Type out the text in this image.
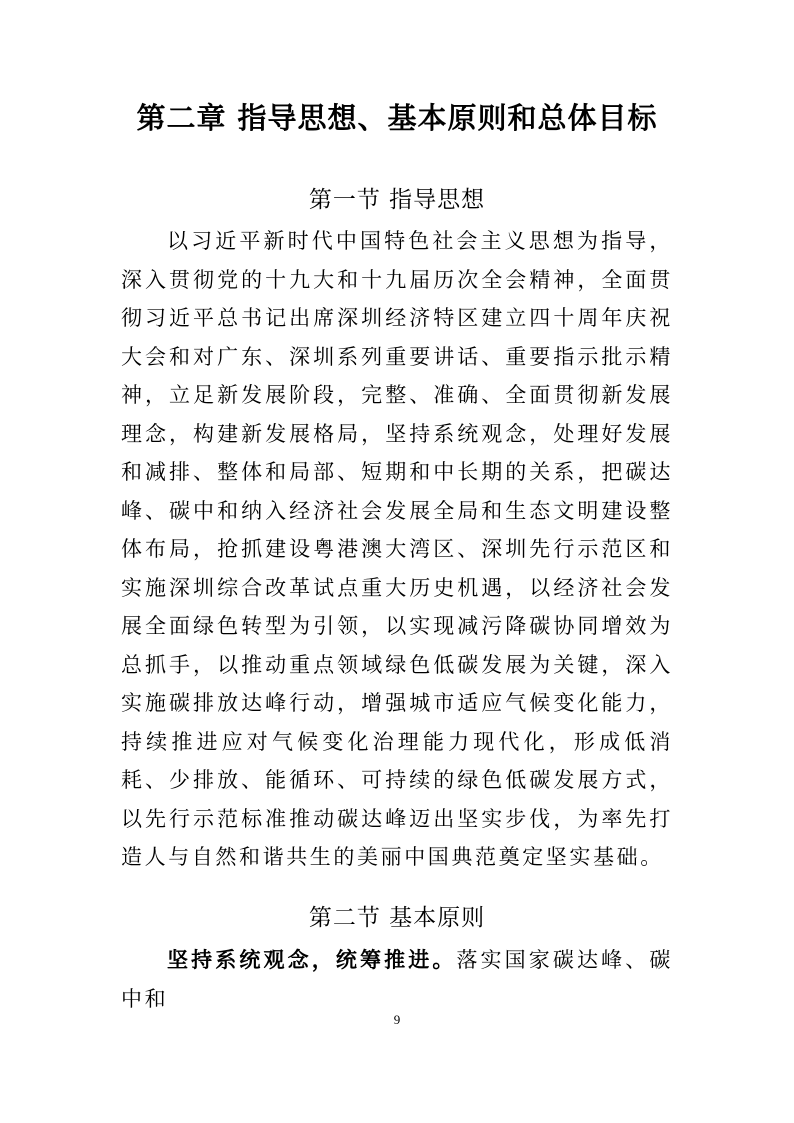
第二章 指导思想、基本原则和总体目标
第一节 指导思想
以习近平新时代中国特色社会主义思想为指导，深入贯彻党的十九大和十九届历次全会精神，全面贯彻习近平总书记出席深圳经济特区建立四十周年庆祝大会和对广东、深圳系列重要讲话、重要指示批示精神，立足新发展阶段，完整、准确、全面贯彻新发展理念，构建新发展格局，坚持系统观念，处理好发展和减排、整体和局部、短期和中长期的关系，把碳达峰、碳中和纳入经济社会发展全局和生态文明建设整体布局，抢抓建设粤港澳大湾区、深圳先行示范区和实施深圳综合改革试点重大历史机遇，以经济社会发展全面绿色转型为引领，以实现减污降碳协同增效为总抓手，以推动重点领域绿色低碳发展为关键，深入实施碳排放达峰行动，增强城市适应气候变化能力，持续推进应对气候变化治理能力现代化，形成低消耗、少排放、能循环、可持续的绿色低碳发展方式，以先行示范标准推动碳达峰迈出坚实步伐，为率先打造人与自然和谐共生的美丽中国典范奠定坚实基础。
第二节 基本原则
坚持系统观念，统筹推进。落实国家碳达峰、碳中和
9
